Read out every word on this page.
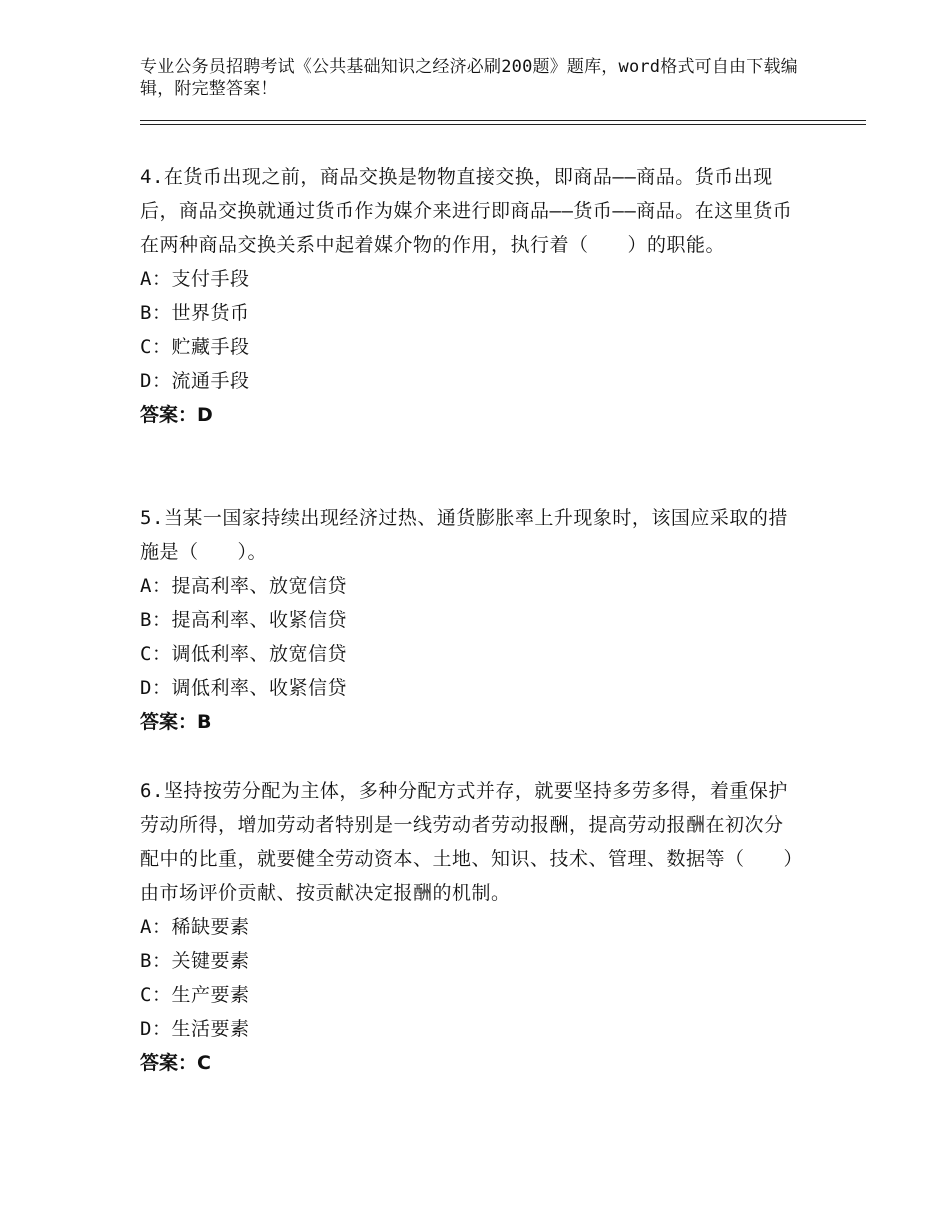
专业公务员招聘考试《公共基础知识之经济必刷200题》题库，word格式可自由下载编辑，附完整答案！

4.在货币出现之前，商品交换是物物直接交换，即商品——商品。货币出现后，商品交换就通过货币作为媒介来进行即商品——货币——商品。在这里货币在两种商品交换关系中起着媒介物的作用，执行着（　　）的职能。

A：支付手段

B：世界货币

C：贮藏手段

D：流通手段

答案：D

5.当某一国家持续出现经济过热、通货膨胀率上升现象时，该国应采取的措施是（　　）。

A：提高利率、放宽信贷

B：提高利率、收紧信贷

C：调低利率、放宽信贷

D：调低利率、收紧信贷

答案：B

6.坚持按劳分配为主体，多种分配方式并存，就要坚持多劳多得，着重保护劳动所得，增加劳动者特别是一线劳动者劳动报酬，提高劳动报酬在初次分配中的比重，就要健全劳动资本、土地、知识、技术、管理、数据等（　　）由市场评价贡献、按贡献决定报酬的机制。

A：稀缺要素

B：关键要素

C：生产要素

D：生活要素

答案：C
